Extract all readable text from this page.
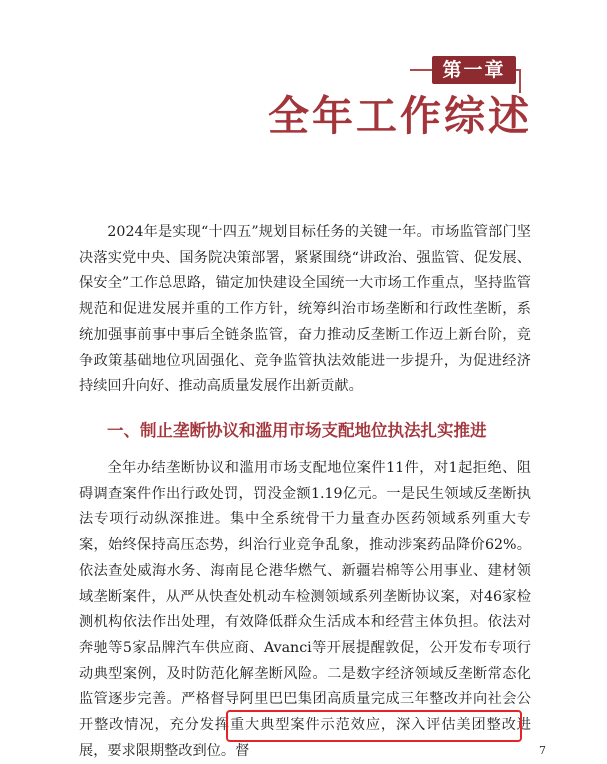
第一章
全年工作综述

2024年是实现“十四五”规划目标任务的关键一年。市场监管部门坚决落实党中央、国务院决策部署，紧紧围绕“讲政治、强监管、促发展、保安全”工作总思路，锚定加快建设全国统一大市场工作重点，坚持监管规范和促进发展并重的工作方针，统筹纠治市场垄断和行政性垄断，系统加强事前事中事后全链条监管，奋力推动反垄断工作迈上新台阶，竞争政策基础地位巩固强化、竞争监管执法效能进一步提升，为促进经济持续回升向好、推动高质量发展作出新贡献。

一、制止垄断协议和滥用市场支配地位执法扎实推进

全年办结垄断协议和滥用市场支配地位案件11件，对1起拒绝、阻碍调查案件作出行政处罚，罚没金额1.19亿元。一是民生领域反垄断执法专项行动纵深推进。集中全系统骨干力量查办医药领域系列重大专案，始终保持高压态势，纠治行业竞争乱象，推动涉案药品降价62%。依法查处威海水务、海南昆仑港华燃气、新疆岩棉等公用事业、建材领域垄断案件，从严从快查处机动车检测领域系列垄断协议案，对46家检测机构依法作出处理，有效降低群众生活成本和经营主体负担。依法对奔驰等5家品牌汽车供应商、Avanci等开展提醒敦促，公开发布专项行动典型案例，及时防范化解垄断风险。二是数字经济领域反垄断常态化监管逐步完善。严格督导阿里巴巴集团高质量完成三年整改并向社会公开整改情况，充分发挥重大典型案件示范效应，深入评估美团整改进展，要求限期整改到位。督	7
